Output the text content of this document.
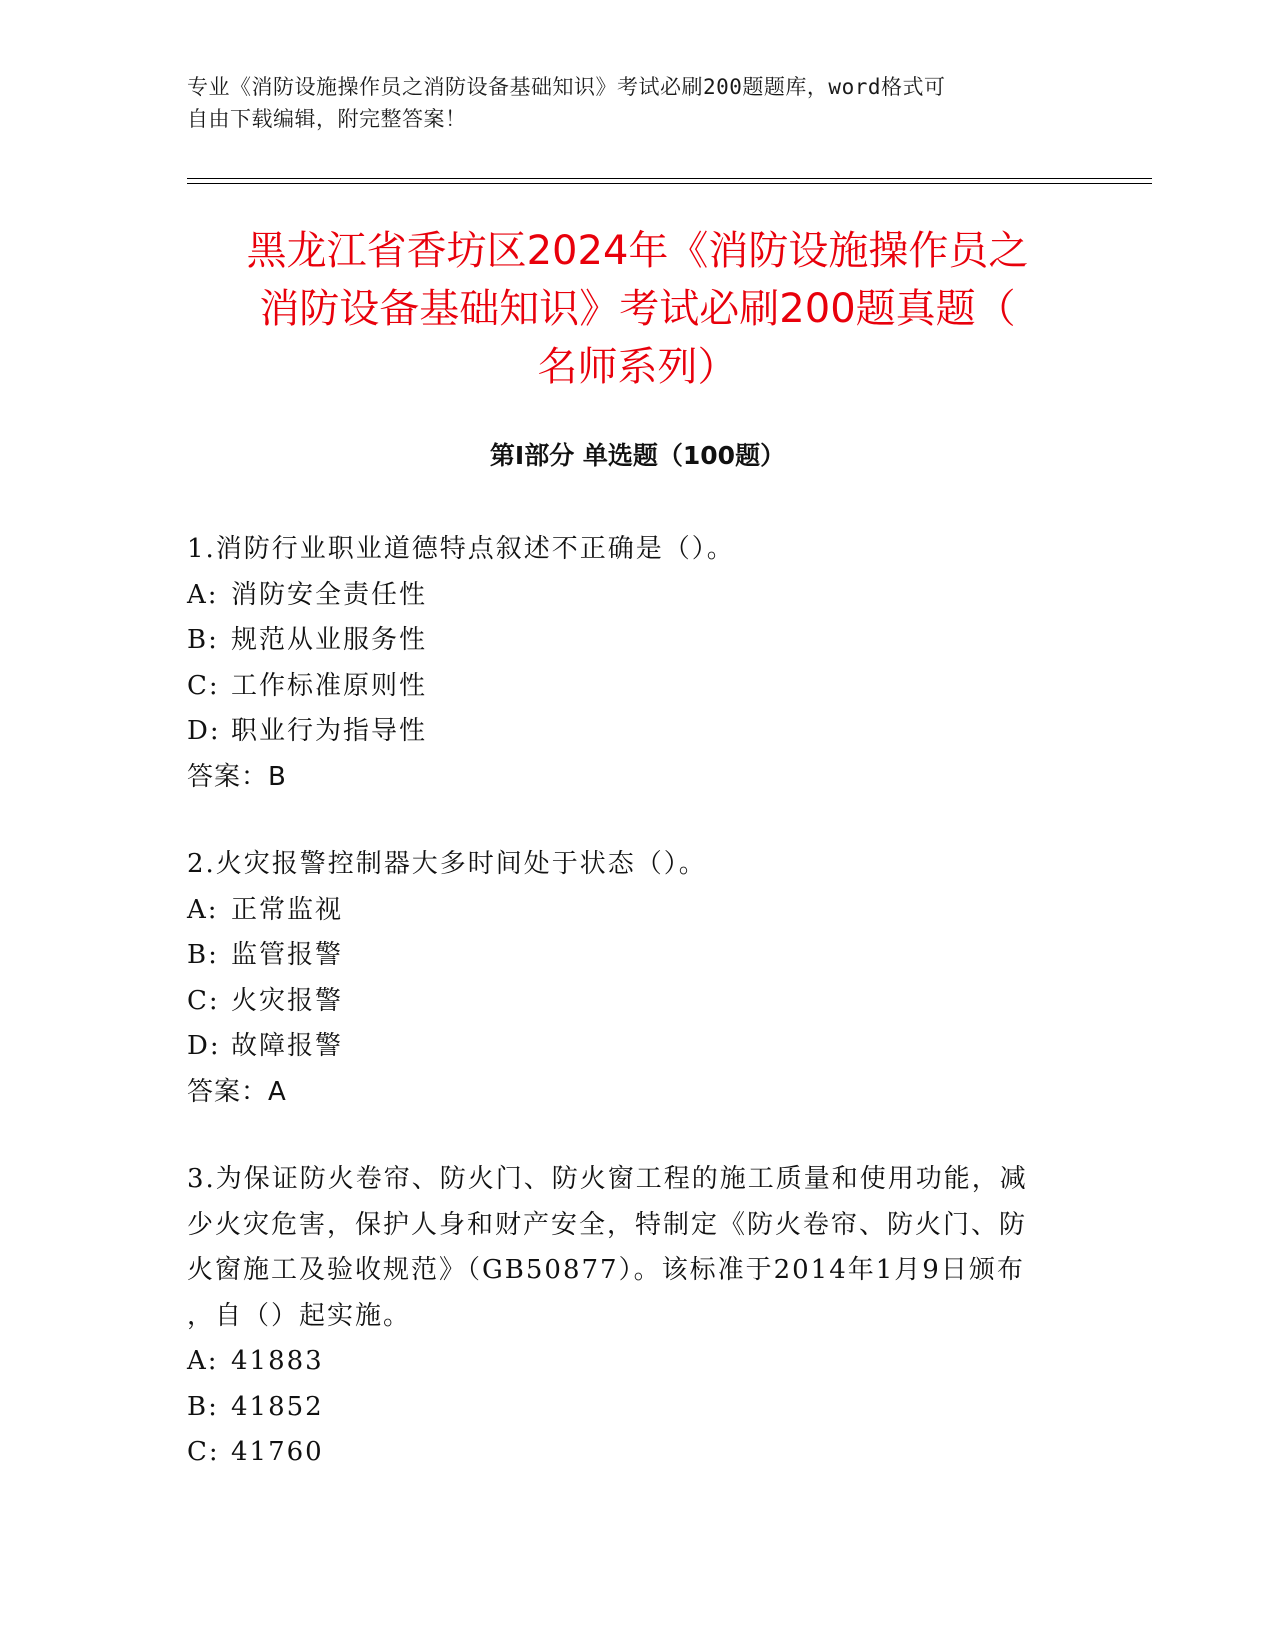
专业《消防设施操作员之消防设备基础知识》考试必刷200题题库，word格式可
自由下载编辑，附完整答案！
黑龙江省香坊区2024年《消防设施操作员之
消防设备基础知识》考试必刷200题真题（
名师系列）
第I部分 单选题（100题）
1.消防行业职业道德特点叙述不正确是（）。
A: 消防安全责任性
B: 规范从业服务性
C: 工作标准原则性
D: 职业行为指导性
答案：B
2.火灾报警控制器大多时间处于状态（）。
A: 正常监视
B: 监管报警
C: 火灾报警
D: 故障报警
答案：A
3.为保证防火卷帘、防火门、防火窗工程的施工质量和使用功能，减
少火灾危害，保护人身和财产安全，特制定《防火卷帘、防火门、防
火窗施工及验收规范》（GB50877）。该标准于2014年1月9日颁布
，自（）起实施。
A: 41883
B: 41852
C: 41760
